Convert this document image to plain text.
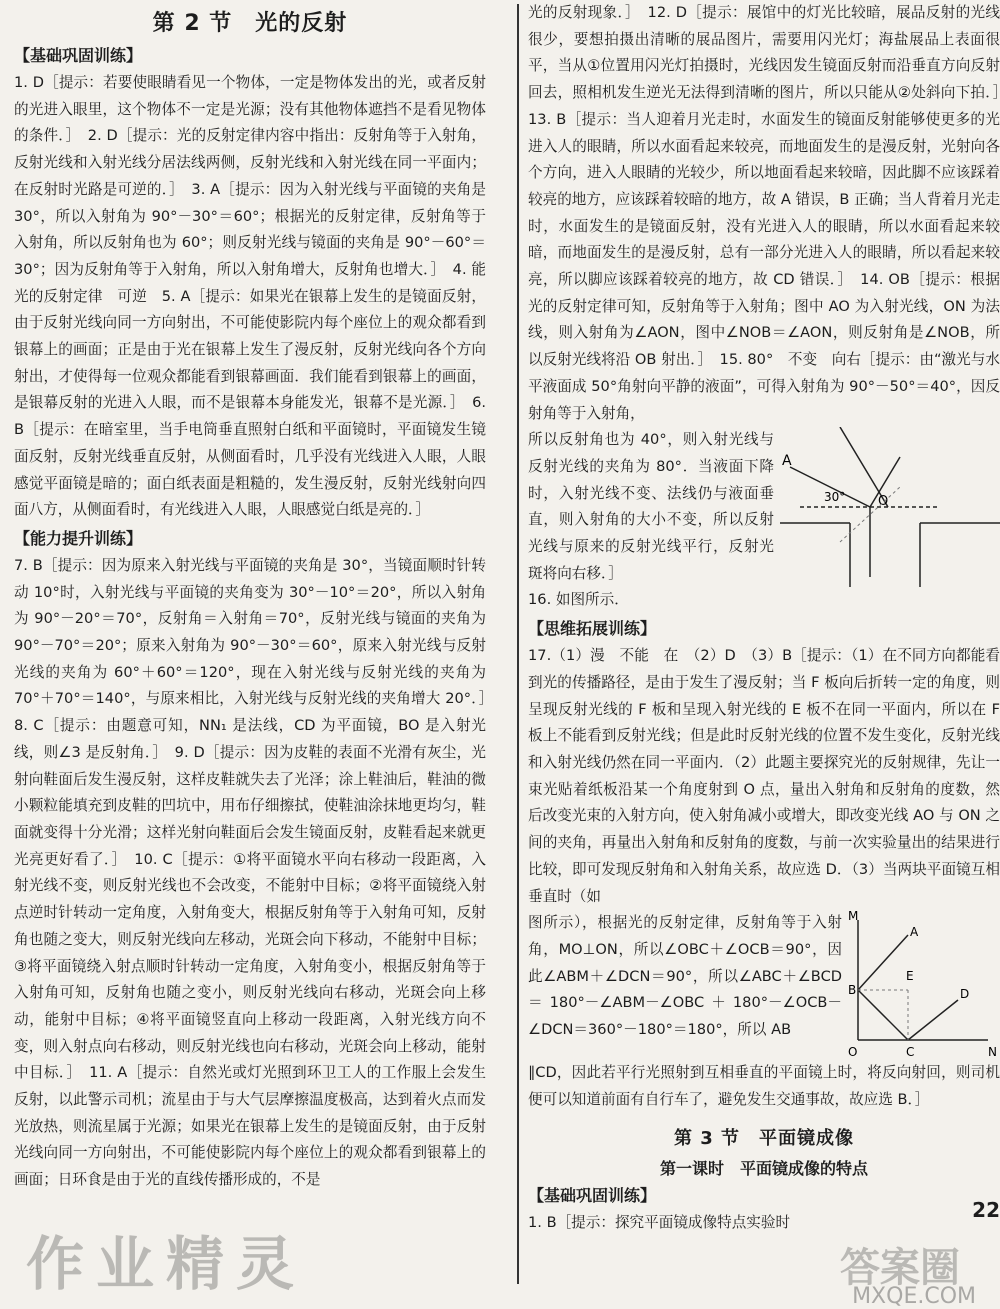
第 2 节　光的反射
【基础巩固训练】

1. D［提示：若要使眼睛看见一个物体，一定是物体发出的光，或者反射的光进入眼里，这个物体不一定是光源；没有其他物体遮挡不是看见物体的条件．］　2. D［提示：光的反射定律内容中指出：反射角等于入射角，反射光线和入射光线分居法线两侧，反射光线和入射光线在同一平面内；在反射时光路是可逆的．］　3. A［提示：因为入射光线与平面镜的夹角是 30°，所以入射角为 90°－30°＝60°；根据光的反射定律，反射角等于入射角，所以反射角也为 60°；则反射光线与镜面的夹角是 90°－60°＝30°；因为反射角等于入射角，所以入射角增大，反射角也增大．］　4. 能　光的反射定律　可逆　5. A［提示：如果光在银幕上发生的是镜面反射，由于反射光线向同一方向射出，不可能使影院内每个座位上的观众都看到银幕上的画面；正是由于光在银幕上发生了漫反射，反射光线向各个方向射出，才使得每一位观众都能看到银幕画面．我们能看到银幕上的画面，是银幕反射的光进入人眼，而不是银幕本身能发光，银幕不是光源．］　6. B［提示：在暗室里，当手电筒垂直照射白纸和平面镜时，平面镜发生镜面反射，反射光线垂直反射，从侧面看时，几乎没有光线进入人眼，人眼感觉平面镜是暗的；面白纸表面是粗糙的，发生漫反射，反射光线射向四面八方，从侧面看时，有光线进入人眼，人眼感觉白纸是亮的．］

【能力提升训练】

7. B［提示：因为原来入射光线与平面镜的夹角是 30°，当镜面顺时针转动 10°时，入射光线与平面镜的夹角变为 30°－10°＝20°，所以入射角为 90°－20°＝70°，反射角＝入射角＝70°，反射光线与镜面的夹角为 90°－70°＝20°；原来入射角为 90°－30°＝60°，原来入射光线与反射光线的夹角为 60°＋60°＝120°，现在入射光线与反射光线的夹角为 70°＋70°＝140°，与原来相比，入射光线与反射光线的夹角增大 20°．］　8. C［提示：由题意可知，NN₁ 是法线，CD 为平面镜，BO 是入射光线，则∠3 是反射角．］　9. D［提示：因为皮鞋的表面不光滑有灰尘，光射向鞋面后发生漫反射，这样皮鞋就失去了光泽；涂上鞋油后，鞋油的微小颗粒能填充到皮鞋的凹坑中，用布仔细擦拭，使鞋油涂抹地更均匀，鞋面就变得十分光滑；这样光射向鞋面后会发生镜面反射，皮鞋看起来就更光亮更好看了．］　10. C［提示：①将平面镜水平向右移动一段距离，入射光线不变，则反射光线也不会改变，不能射中目标；②将平面镜绕入射点逆时针转动一定角度，入射角变大，根据反射角等于入射角可知，反射角也随之变大，则反射光线向左移动，光斑会向下移动，不能射中目标；③将平面镜绕入射点顺时针转动一定角度，入射角变小，根据反射角等于入射角可知，反射角也随之变小，则反射光线向右移动，光斑会向上移动，能射中目标；④将平面镜竖直向上移动一段距离，入射光线方向不变，则入射点向右移动，则反射光线也向右移动，光斑会向上移动，能射中目标．］　11. A［提示：自然光或灯光照到环卫工人的工作服上会发生反射，以此警示司机；流星由于与大气层摩擦温度极高，达到着火点而发光放热，则流星属于光源；如果光在银幕上发生的是镜面反射，由于反射光线向同一方向射出，不可能使影院内每个座位上的观众都看到银幕上的画面；日环食是由于光的直线传播形成的，不是

光的反射现象．］　12. D［提示：展馆中的灯光比较暗，展品反射的光线很少，要想拍摄出清晰的展品图片，需要用闪光灯；海盐展品上表面很平，当从①位置用闪光灯拍摄时，光线因发生镜面反射而沿垂直方向反射回去，照相机发生逆光无法得到清晰的图片，所以只能从②处斜向下拍．］　13. B［提示：当人迎着月光走时，水面发生的镜面反射能够使更多的光进入人的眼睛，所以水面看起来较亮，而地面发生的是漫反射，光射向各个方向，进入人眼睛的光较少，所以地面看起来较暗，因此脚不应该踩着较亮的地方，应该踩着较暗的地方，故 A 错误，B 正确；当人背着月光走时，水面发生的是镜面反射，没有光进入人的眼睛，所以水面看起来较暗，而地面发生的是漫反射，总有一部分光进入人的眼睛，所以看起来较亮，所以脚应该踩着较亮的地方，故 CD 错误．］　14. OB［提示：根据光的反射定律可知，反射角等于入射角；图中 AO 为入射光线，ON 为法线，则入射角为∠AON，图中∠NOB＝∠AON，则反射角是∠NOB，所以反射光线将沿 OB 射出．］　15. 80°　不变　向右［提示：由“激光与水平液面成 50°角射向平静的液面”，可得入射角为 90°－50°＝40°，因反射角等于入射角，

所以反射角也为 40°，则入射光线与反射光线的夹角为 80°．当液面下降时，入射光线不变、法线仍与液面垂直，则入射角的大小不变，所以反射光线与原来的反射光线平行，反射光斑将向右移．］

A
30°	O

16. 如图所示．

【思维拓展训练】

17.（1）漫　不能　在　（2）D　（3）B［提示：（1）在不同方向都能看到光的传播路径，是由于发生了漫反射；当 F 板向后折转一定的角度，则呈现反射光线的 F 板和呈现入射光线的 E 板不在同一平面内，所以在 F 板上不能看到反射光线；但是此时反射光线的位置不发生变化，反射光线和入射光线仍然在同一平面内．（2）此题主要探究光的反射规律，先让一束光贴着纸板沿某一个角度射到 O 点，量出入射角和反射角的度数，然后改变光束的入射方向，使入射角减小或增大，即改变光线 AO 与 ON 之间的夹角，再量出入射角和反射角的度数，与前一次实验量出的结果进行比较，即可发现反射角和入射角关系，故应选 D．（3）当两块平面镜互相垂直时（如

图所示），根据光的反射定律，反射角等于入射角，MO⊥ON，所以∠OBC＋∠OCB＝90°，因此∠ABM＋∠DCN＝90°，所以∠ABC＋∠BCD＝180°－∠ABM－∠OBC＋180°－∠OCB－∠DCN＝360°－180°＝180°，所以 AB

M
O	N
A
B	D
C
E

∥CD，因此若平行光照射到互相垂直的平面镜上时，将反向射回，则司机便可以知道前面有自行车了，避免发生交通事故，故应选 B．］

第 3 节　平面镜成像
第一课时　平面镜成像的特点
【基础巩固训练】

1. B［提示：探究平面镜成像特点实验时	22
作业精灵	答案圈
MXQE.COM
